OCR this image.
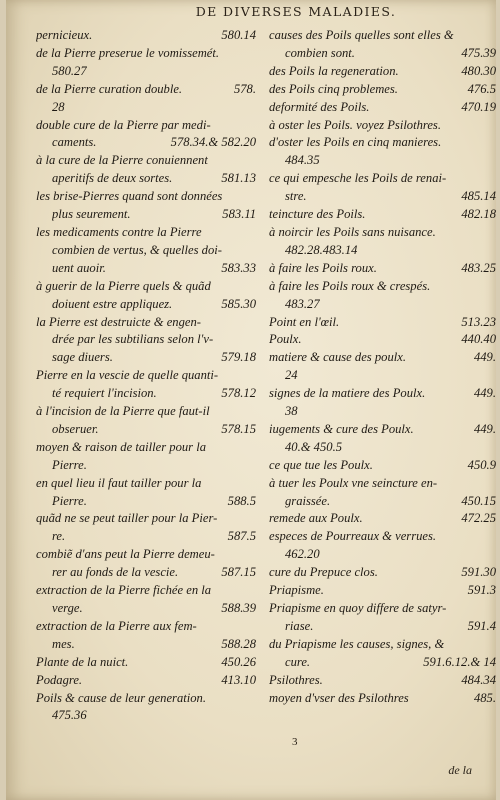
DE DIVERSES MALADIES.
pernicieux.	580.14
de la Pierre preserue le vomissemét.
580.27
de la Pierre curation double.	578.
28
double cure de la Pierre par medi-
caments.	578.34.& 582.20
à la cure de la Pierre conuiennent
aperitifs de deux sortes.	581.13
les brise-Pierres quand sont données
plus seurement.	583.11
les medicaments contre la Pierre
combien de vertus, & quelles doi-
uent auoir.	583.33
à guerir de la Pierre quels & quãd
doiuent estre appliquez.	585.30
la Pierre est destruicte & engen-
drée par les subtilians selon l'v-
sage diuers.	579.18
Pierre en la vescie de quelle quanti-
té requiert l'incision.	578.12
à l'incision de la Pierre que faut-il
obseruer.	578.15
moyen & raison de tailler pour la
Pierre.
en quel lieu il faut tailler pour la
Pierre.	588.5
quãd ne se peut tailler pour la Pier-
re.	587.5
combiẽ d'ans peut la Pierre demeu-
rer au fonds de la vescie.	587.15
extraction de la Pierre fichée en la
verge.	588.39
extraction de la Pierre aux fem-
mes.	588.28
Plante de la nuict.	450.26
Podagre.	413.10
Poils & cause de leur generation.
475.36
causes des Poils quelles sont elles &
combien sont.	475.39
des Poils la regeneration.	480.30
des Poils cinq problemes.	476.5
deformité des Poils.	470.19
à oster les Poils. voyez Psilothres.
d'oster les Poils en cinq manieres.
484.35
ce qui empesche les Poils de renai-
stre.	485.14
teincture des Poils.	482.18
à noircir les Poils sans nuisance.
482.28.483.14
à faire les Poils roux.	483.25
à faire les Poils roux & crespés.
483.27
Point en l'œil.	513.23
Poulx.	440.40
matiere & cause des poulx.	449.
24
signes de la matiere des Poulx.	449.
38
iugements & cure des Poulx.	449.
40.& 450.5
ce que tue les Poulx.	450.9
à tuer les Poulx vne seincture en-
graissée.	450.15
remede aux Poulx.	472.25
especes de Pourreaux & verrues.
462.20
cure du Prepuce clos.	591.30
Priapisme.	591.3
Priapisme en quoy differe de satyr-
riase.	591.4
du Priapisme les causes, signes, &
cure.	591.6.12.& 14
Psilothres.	484.34
moyen d'vser des Psilothres	485.
3
de la
